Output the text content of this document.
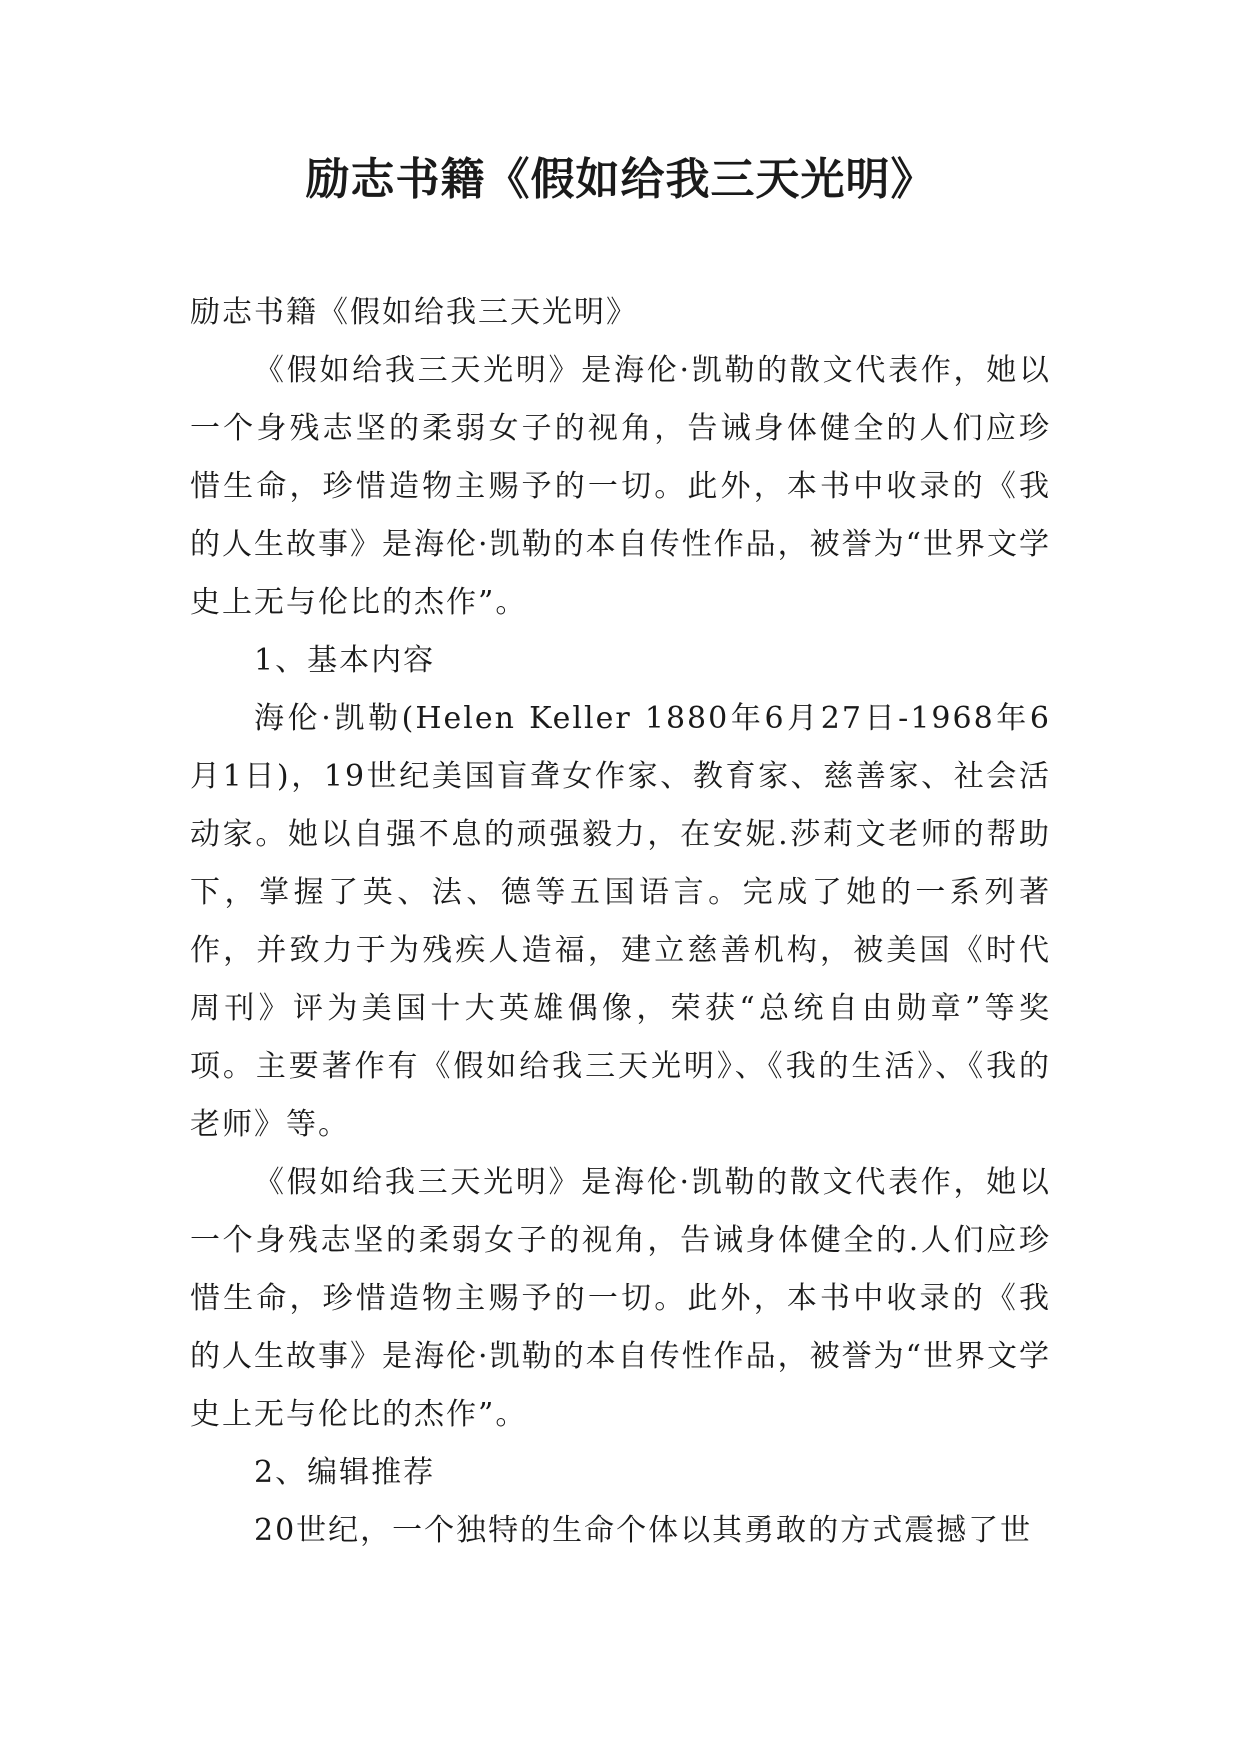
励志书籍《假如给我三天光明》

励志书籍《假如给我三天光明》

《假如给我三天光明》是海伦·凯勒的散文代表作，她以一个身残志坚的柔弱女子的视角，告诫身体健全的人们应珍惜生命，珍惜造物主赐予的一切。此外，本书中收录的《我的人生故事》是海伦·凯勒的本自传性作品，被誉为“世界文学史上无与伦比的杰作”。

1、基本内容

海伦·凯勒(Helen Keller 1880年6月27日-1968年6月1日)，19世纪美国盲聋女作家、教育家、慈善家、社会活动家。她以自强不息的顽强毅力，在安妮.莎莉文老师的帮助下，掌握了英、法、德等五国语言。完成了她的一系列著作，并致力于为残疾人造福，建立慈善机构，被美国《时代周刊》评为美国十大英雄偶像，荣获“总统自由勋章”等奖项。主要著作有《假如给我三天光明》、《我的生活》、《我的老师》等。

《假如给我三天光明》是海伦·凯勒的散文代表作，她以一个身残志坚的柔弱女子的视角，告诫身体健全的.人们应珍惜生命，珍惜造物主赐予的一切。此外，本书中收录的《我的人生故事》是海伦·凯勒的本自传性作品，被誉为“世界文学史上无与伦比的杰作”。

2、编辑推荐

20世纪，一个独特的生命个体以其勇敢的方式震撼了世
